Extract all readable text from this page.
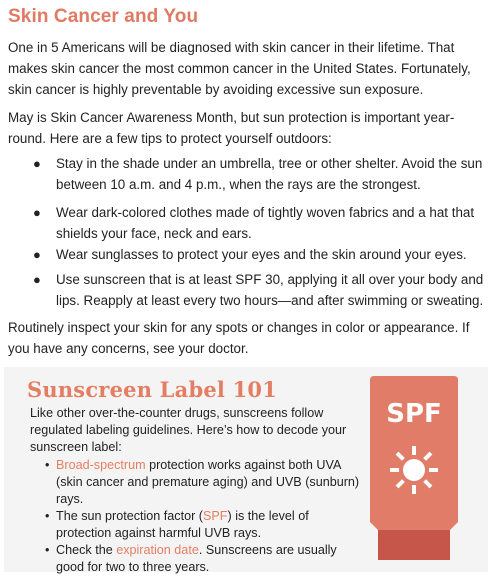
Skin Cancer and You

One in 5 Americans will be diagnosed with skin cancer in their lifetime. That makes skin cancer the most common cancer in the United States. Fortunately, skin cancer is highly preventable by avoiding excessive sun exposure.

May is Skin Cancer Awareness Month, but sun protection is important year-round. Here are a few tips to protect yourself outdoors:

● Stay in the shade under an umbrella, tree or other shelter. Avoid the sun between 10 a.m. and 4 p.m., when the rays are the strongest.
● Wear dark-colored clothes made of tightly woven fabrics and a hat that shields your face, neck and ears.
● Wear sunglasses to protect your eyes and the skin around your eyes.
● Use sunscreen that is at least SPF 30, applying it all over your body and lips. Reapply at least every two hours—and after swimming or sweating.

Routinely inspect your skin for any spots or changes in color or appearance. If you have any concerns, see your doctor.

Sunscreen Label 101

Like other over-the-counter drugs, sunscreens follow regulated labeling guidelines. Here’s how to decode your sunscreen label:

• Broad-spectrum protection works against both UVA (skin cancer and premature aging) and UVB (sunburn) rays.
• The sun protection factor (SPF) is the level of protection against harmful UVB rays.
• Check the expiration date. Sunscreens are usually good for two to three years.
SPF
